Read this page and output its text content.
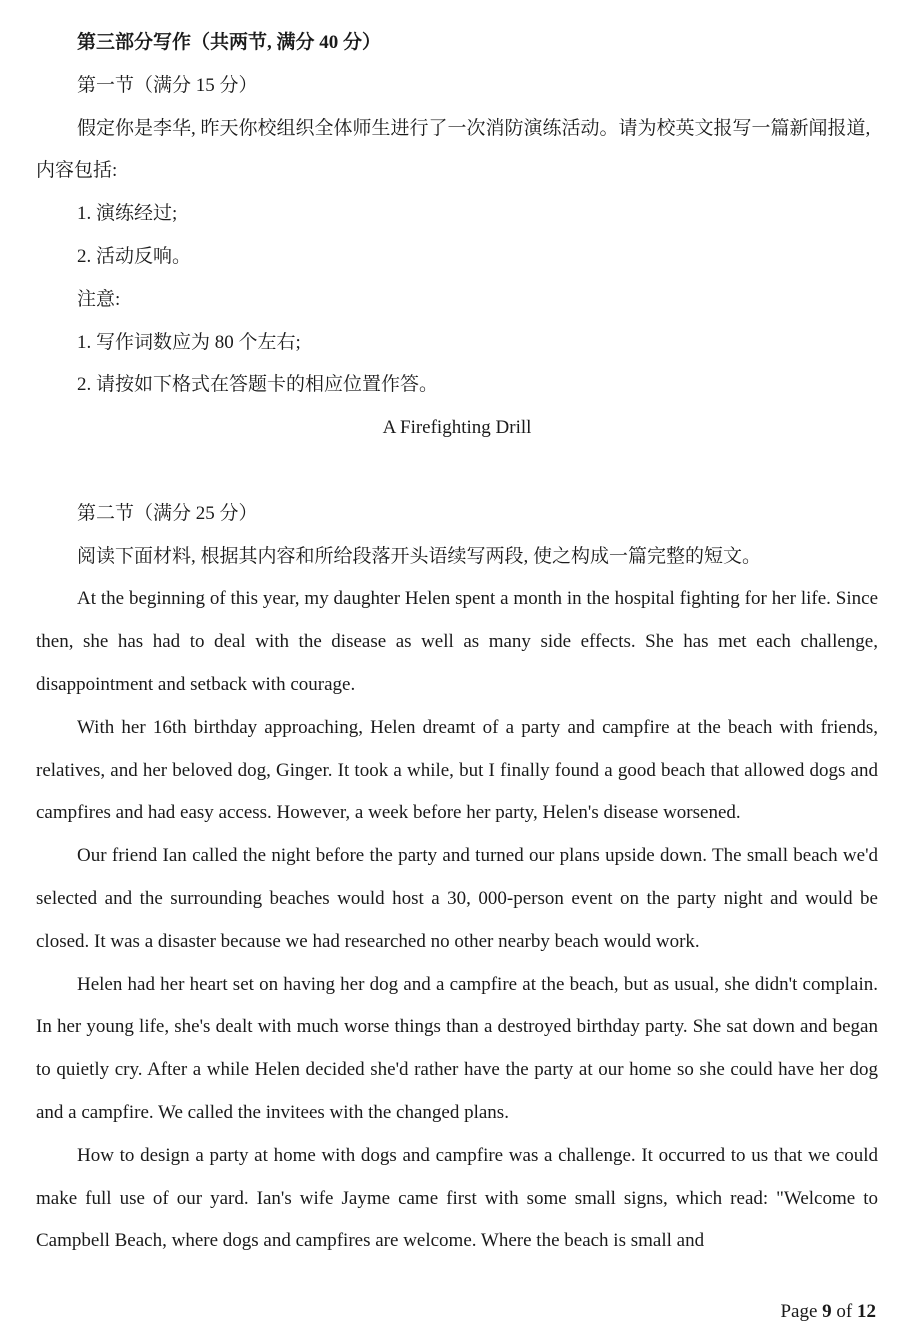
第三部分写作（共两节, 满分 40 分）
第一节（满分 15 分）

假定你是李华, 昨天你校组织全体师生进行了一次消防演练活动。请为校英文报写一篇新闻报道, 内容包括:

1. 演练经过;
2. 活动反响。
注意:
1. 写作词数应为 80 个左右;
2. 请按如下格式在答题卡的相应位置作答。
A Firefighting Drill
第二节（满分 25 分）
阅读下面材料, 根据其内容和所给段落开头语续写两段, 使之构成一篇完整的短文。

At the beginning of this year, my daughter Helen spent a month in the hospital fighting for her life. Since then, she has had to deal with the disease as well as many side effects. She has met each challenge, disappointment and setback with courage.

With her 16th birthday approaching, Helen dreamt of a party and campfire at the beach with friends, relatives, and her beloved dog, Ginger. It took a while, but I finally found a good beach that allowed dogs and campfires and had easy access. However, a week before her party, Helen's disease worsened.

Our friend Ian called the night before the party and turned our plans upside down. The small beach we'd selected and the surrounding beaches would host a 30, 000-person event on the party night and would be closed. It was a disaster because we had researched no other nearby beach would work.

Helen had her heart set on having her dog and a campfire at the beach, but as usual, she didn't complain. In her young life, she's dealt with much worse things than a destroyed birthday party. She sat down and began to quietly cry. After a while Helen decided she'd rather have the party at our home so she could have her dog and a campfire. We called the invitees with the changed plans.

How to design a party at home with dogs and campfire was a challenge. It occurred to us that we could make full use of our yard. Ian's wife Jayme came first with some small signs, which read: "Welcome to Campbell Beach, where dogs and campfires are welcome. Where the beach is small and

Page 9 of 12
